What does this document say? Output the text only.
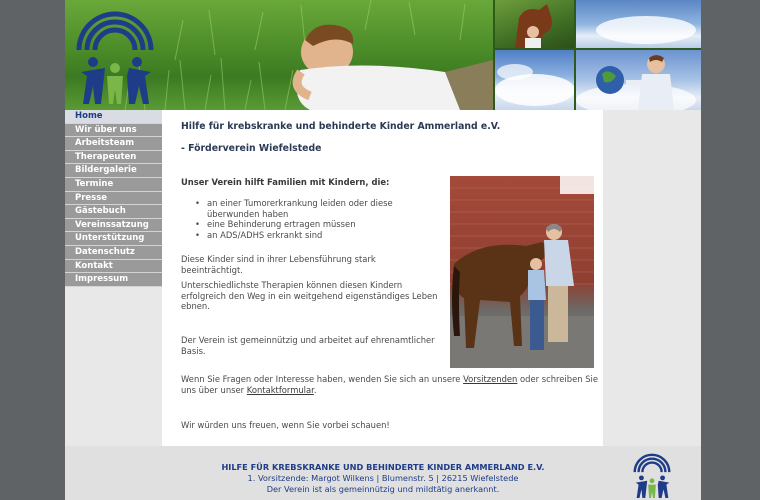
Home
Wir über uns
Arbeitsteam
Therapeuten
Bildergalerie
Termine
Presse
Gästebuch
Vereinssatzung
Unterstützung
Datenschutz
Kontakt
Impressum
Hilfe für krebskranke und behinderte Kinder Ammerland e.V.
- Förderverein Wiefelstede
Unser Verein hilft Familien mit Kindern, die:
• an einer Tumorerkrankung leiden oder diese überwunden haben
• eine Behinderung ertragen müssen
• an ADS/ADHS erkrankt sind
Diese Kinder sind in ihrer Lebensführung stark beeinträchtigt.
Unterschiedlichste Therapien können diesen Kindern erfolgreich den Weg in ein weitgehend eigenständiges Leben ebnen.
Der Verein ist gemeinnützig und arbeitet auf ehrenamtlicher Basis.
Wenn Sie Fragen oder Interesse haben, wenden Sie sich an unsere Vorsitzenden oder schreiben Sie uns über unser Kontaktformular.
Wir würden uns freuen, wenn Sie vorbei schauen!
HILFE FÜR KREBSKRANKE UND BEHINDERTE KINDER AMMERLAND E.V.
1. Vorsitzende: Margot Wilkens | Blumenstr. 5 | 26215 Wiefelstede
Der Verein ist als gemeinnützig und mildtätig anerkannt.
